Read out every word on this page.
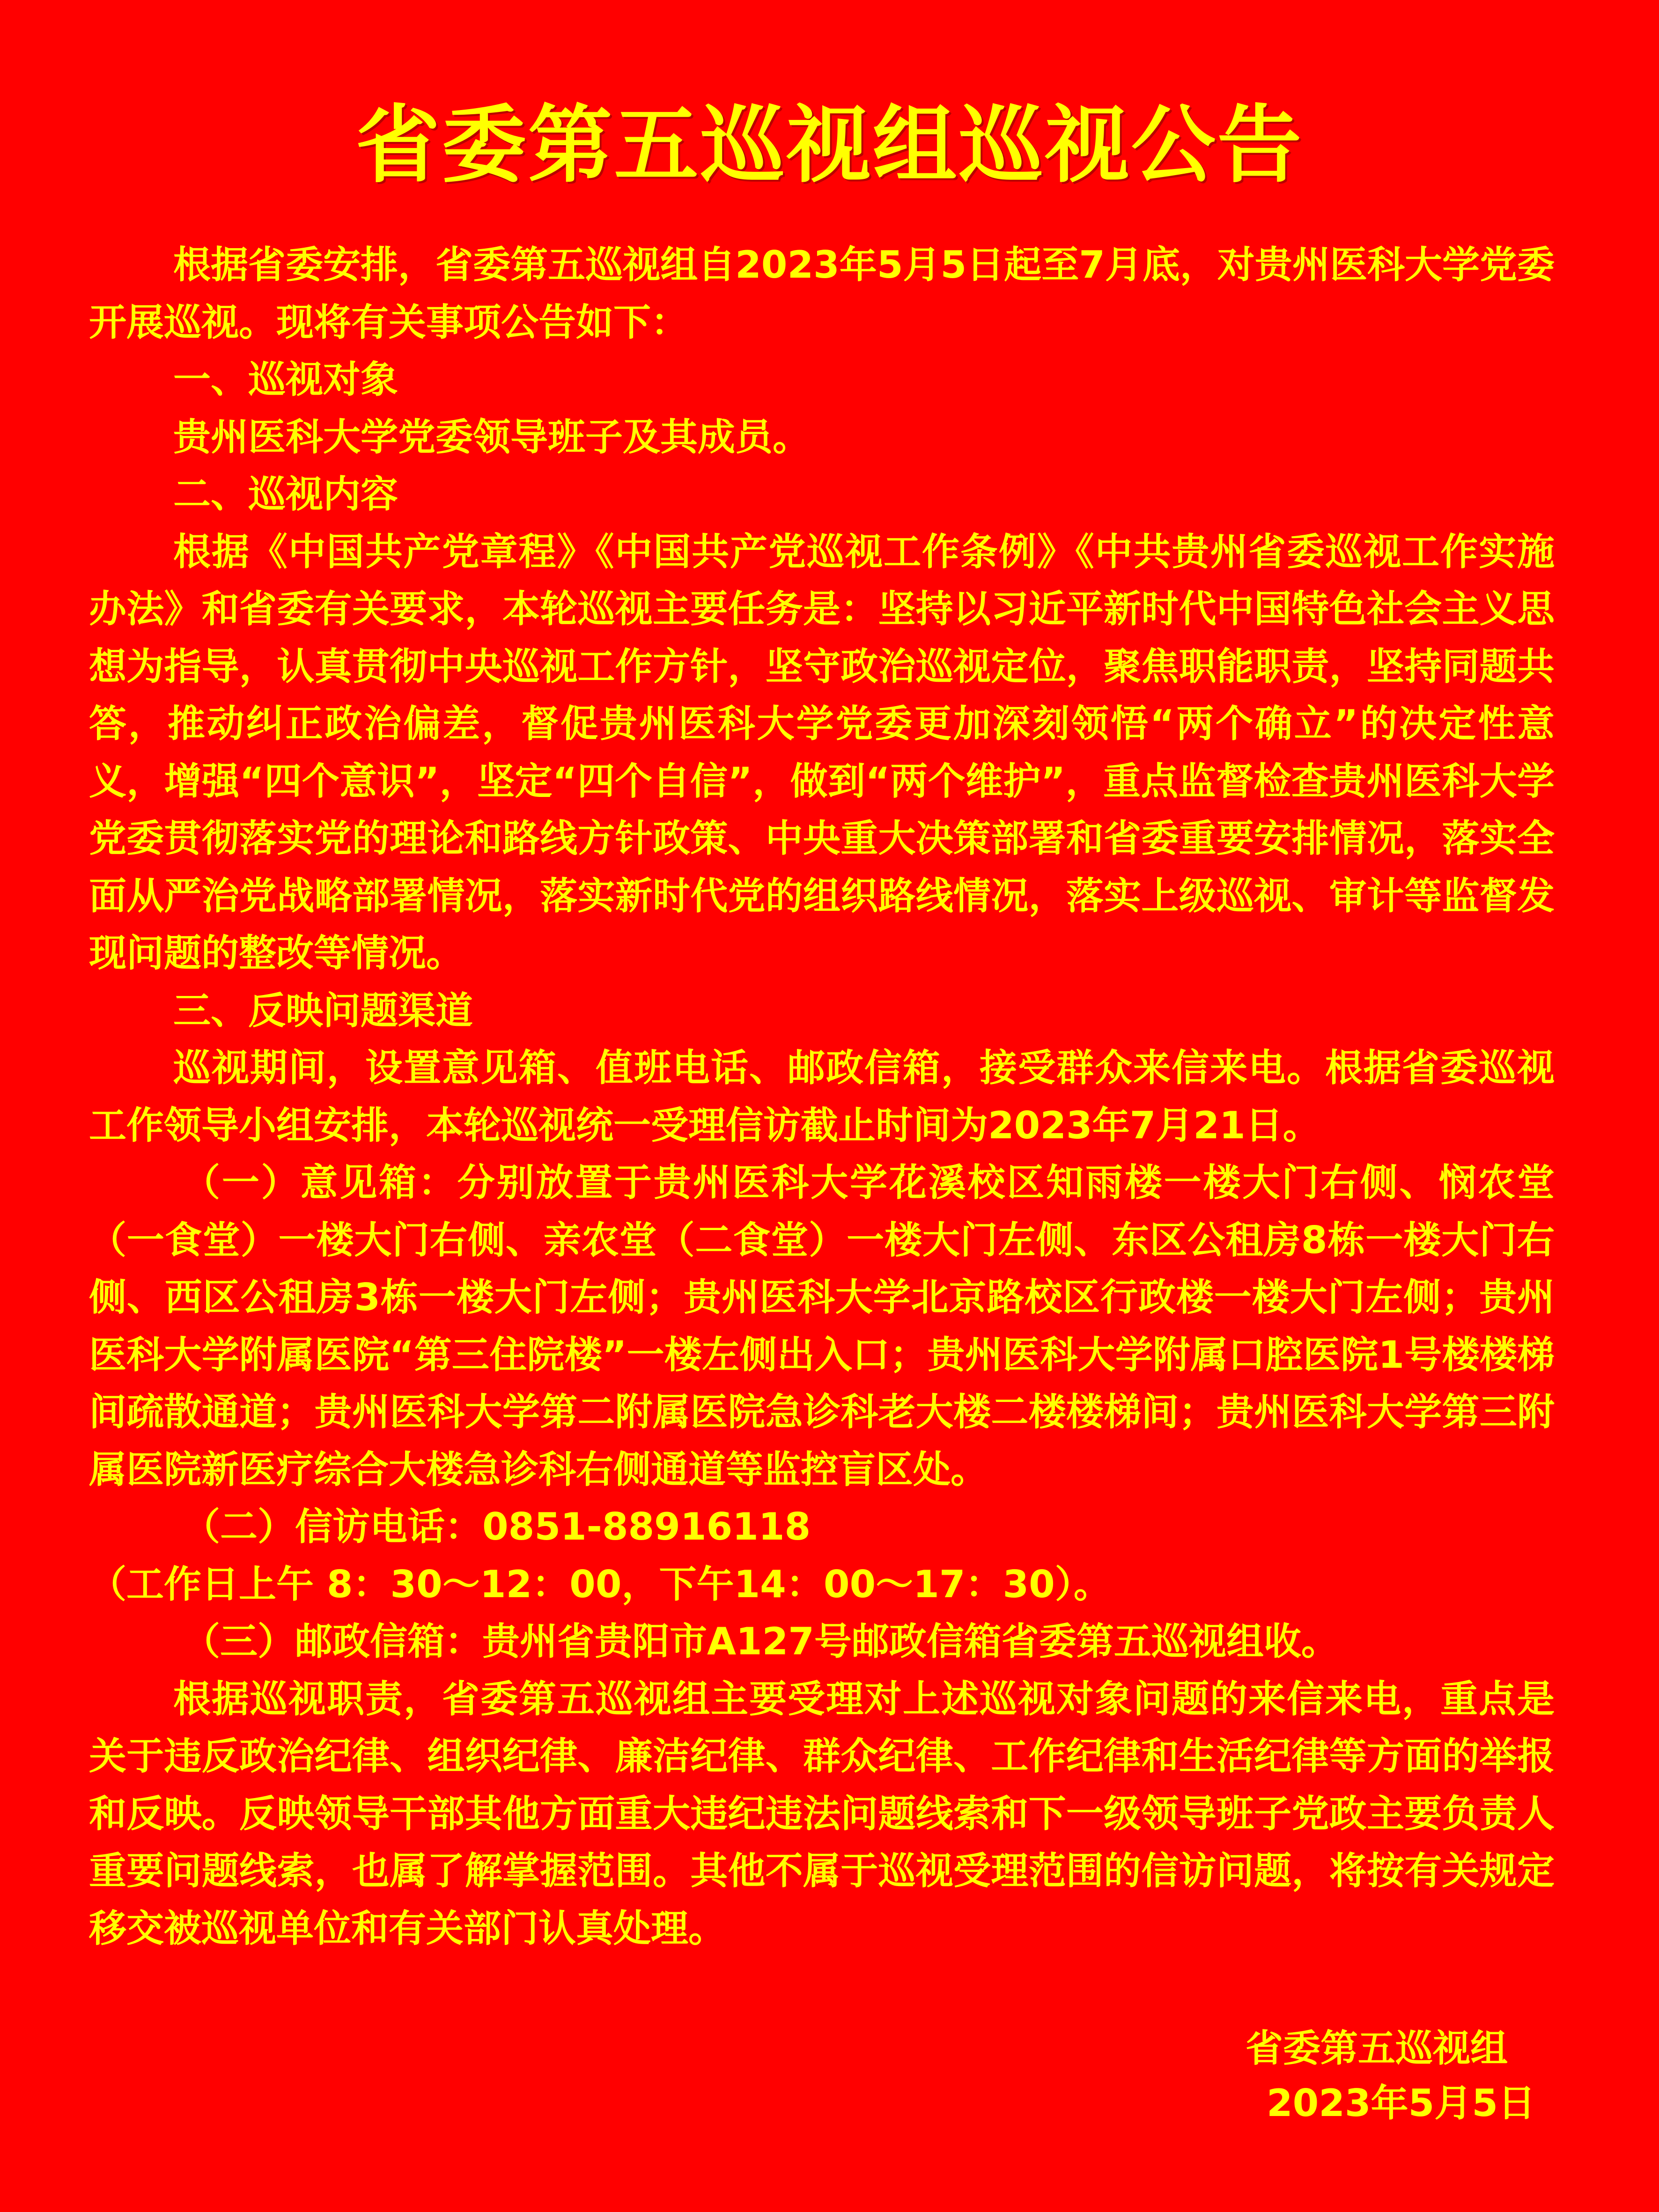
省委第五巡视组巡视公告

根据省委安排，省委第五巡视组自2023年5月5日起至7月底，对贵州医科大学党委开展巡视。现将有关事项公告如下：

一、巡视对象

贵州医科大学党委领导班子及其成员。

二、巡视内容

根据《中国共产党章程》《中国共产党巡视工作条例》《中共贵州省委巡视工作实施办法》和省委有关要求，本轮巡视主要任务是：坚持以习近平新时代中国特色社会主义思想为指导，认真贯彻中央巡视工作方针，坚守政治巡视定位，聚焦职能职责，坚持同题共答，推动纠正政治偏差，督促贵州医科大学党委更加深刻领悟“两个确立”的决定性意义，增强“四个意识”，坚定“四个自信”，做到“两个维护”，重点监督检查贵州医科大学党委贯彻落实党的理论和路线方针政策、中央重大决策部署和省委重要安排情况，落实全面从严治党战略部署情况，落实新时代党的组织路线情况，落实上级巡视、审计等监督发现问题的整改等情况。

三、反映问题渠道

巡视期间，设置意见箱、值班电话、邮政信箱，接受群众来信来电。根据省委巡视工作领导小组安排，本轮巡视统一受理信访截止时间为2023年7月21日。

（一）意见箱：分别放置于贵州医科大学花溪校区知雨楼一楼大门右侧、悯农堂（一食堂）一楼大门右侧、亲农堂（二食堂）一楼大门左侧、东区公租房8栋一楼大门右侧、西区公租房3栋一楼大门左侧；贵州医科大学北京路校区行政楼一楼大门左侧；贵州医科大学附属医院“第三住院楼”一楼左侧出入口；贵州医科大学附属口腔医院1号楼楼梯间疏散通道；贵州医科大学第二附属医院急诊科老大楼二楼楼梯间；贵州医科大学第三附属医院新医疗综合大楼急诊科右侧通道等监控盲区处。

（二）信访电话：0851-88916118

（工作日上午 8：30～12：00，下午14：00～17：30）。

（三）邮政信箱：贵州省贵阳市A127号邮政信箱省委第五巡视组收。

根据巡视职责，省委第五巡视组主要受理对上述巡视对象问题的来信来电，重点是关于违反政治纪律、组织纪律、廉洁纪律、群众纪律、工作纪律和生活纪律等方面的举报和反映。反映领导干部其他方面重大违纪违法问题线索和下一级领导班子党政主要负责人重要问题线索，也属了解掌握范围。其他不属于巡视受理范围的信访问题，将按有关规定移交被巡视单位和有关部门认真处理。

省委第五巡视组
2023年5月5日
